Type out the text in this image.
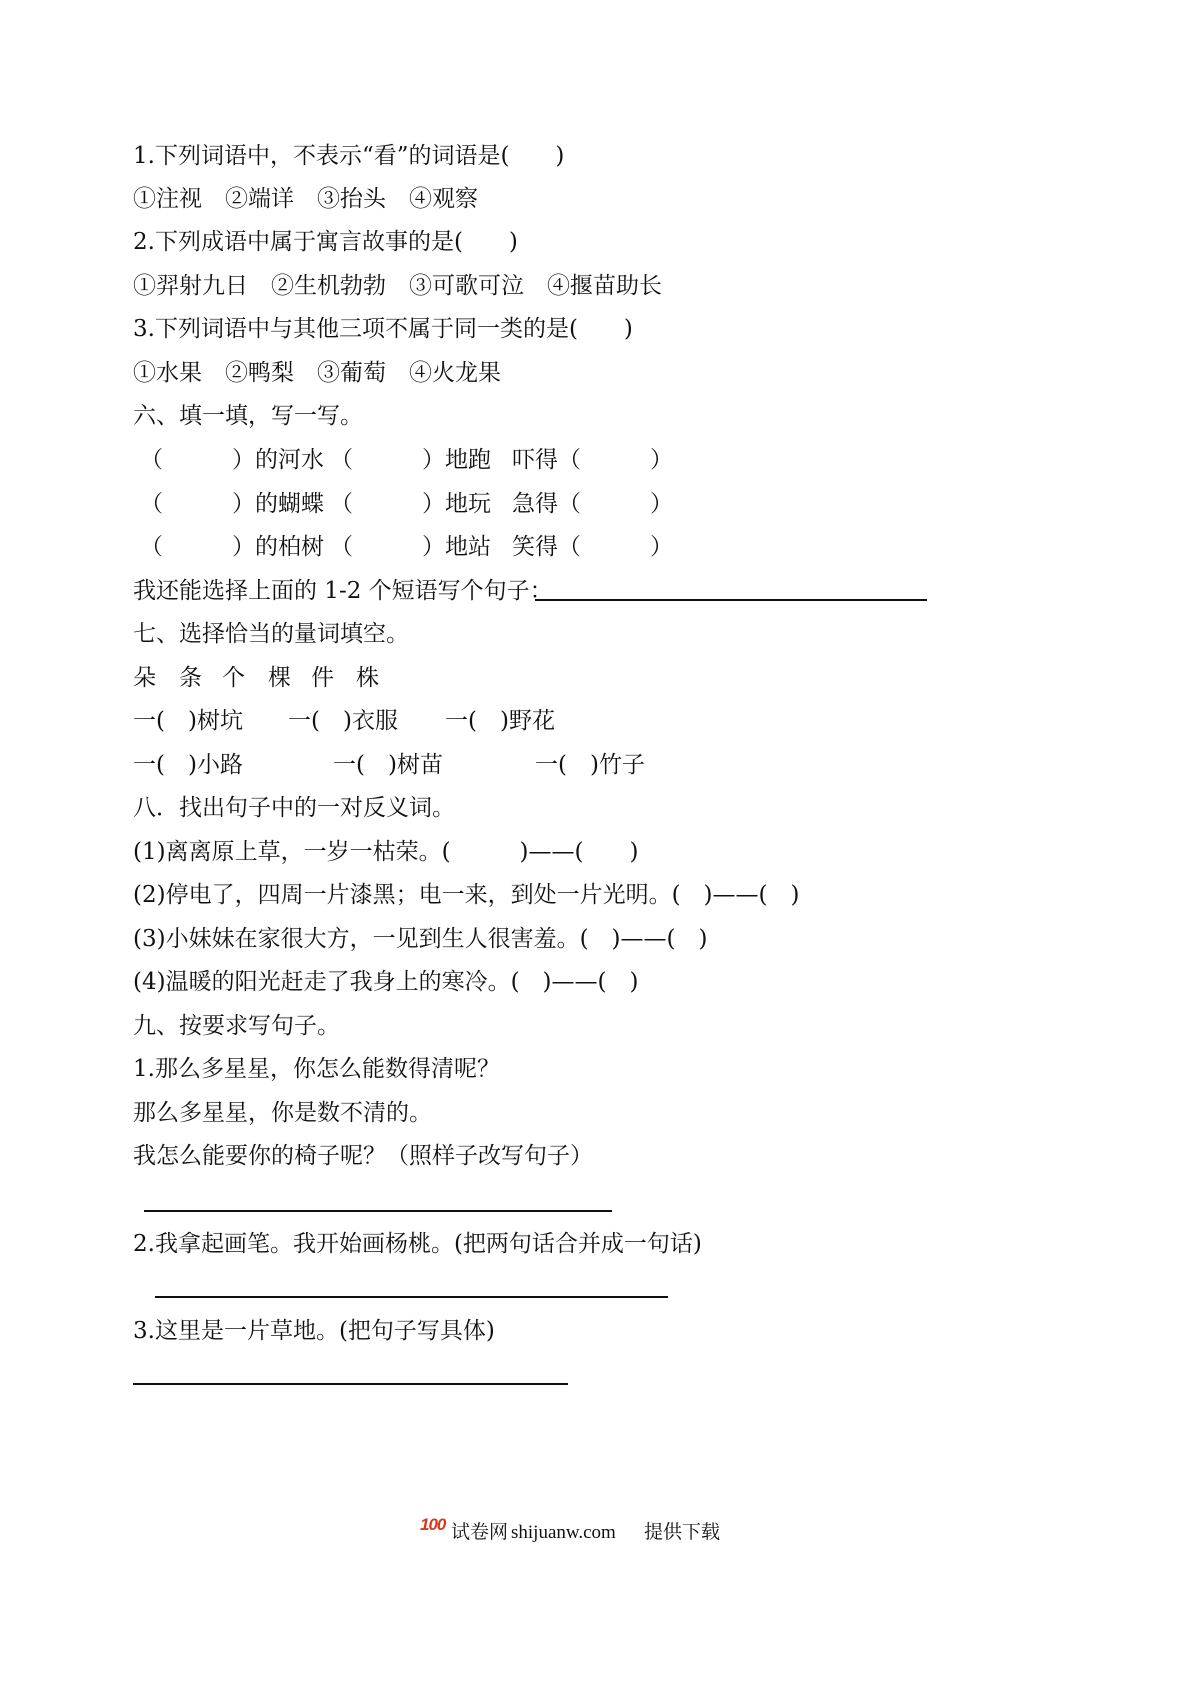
1.下列词语中，不表示“看”的词语是(　　)
①注视　②端详　③抬头　④观察
2.下列成语中属于寓言故事的是(　　)
①羿射九日　②生机勃勃　③可歌可泣　④揠苗助长
3.下列词语中与其他三项不属于同一类的是(　　)
①水果　②鸭梨　③葡萄　④火龙果
六、填一填，写一写。
（　　　）的河水 （　　　）地跑 吓得（　　　）
（　　　）的蝴蝶 （　　　）地玩 急得（　　　）
（　　　）的柏树 （　　　）地站 笑得（　　　）
我还能选择上面的 1-2 个短语写个句子：
七、选择恰当的量词填空。
朵 条 个 棵 件 株
一(　)树坑 一(　)衣服 一(　)野花
一(　)小路	一(　)树苗	一(　)竹子
八．找出句子中的一对反义词。
(1)离离原上草，一岁一枯荣。(　　　)——(　　)
(2)停电了，四周一片漆黑；电一来，到处一片光明。(　)——(　)
(3)小妹妹在家很大方，一见到生人很害羞。(　)——(　)
(4)温暖的阳光赶走了我身上的寒冷。(　)——(　)
九、按要求写句子。
1.那么多星星，你怎么能数得清呢？
那么多星星，你是数不清的。
我怎么能要你的椅子呢？（照样子改写句子）
2.我拿起画笔。我开始画杨桃。(把两句话合并成一句话)
3.这里是一片草地。(把句子写具体)
100 试卷网 shijuanw.com 提供下载
